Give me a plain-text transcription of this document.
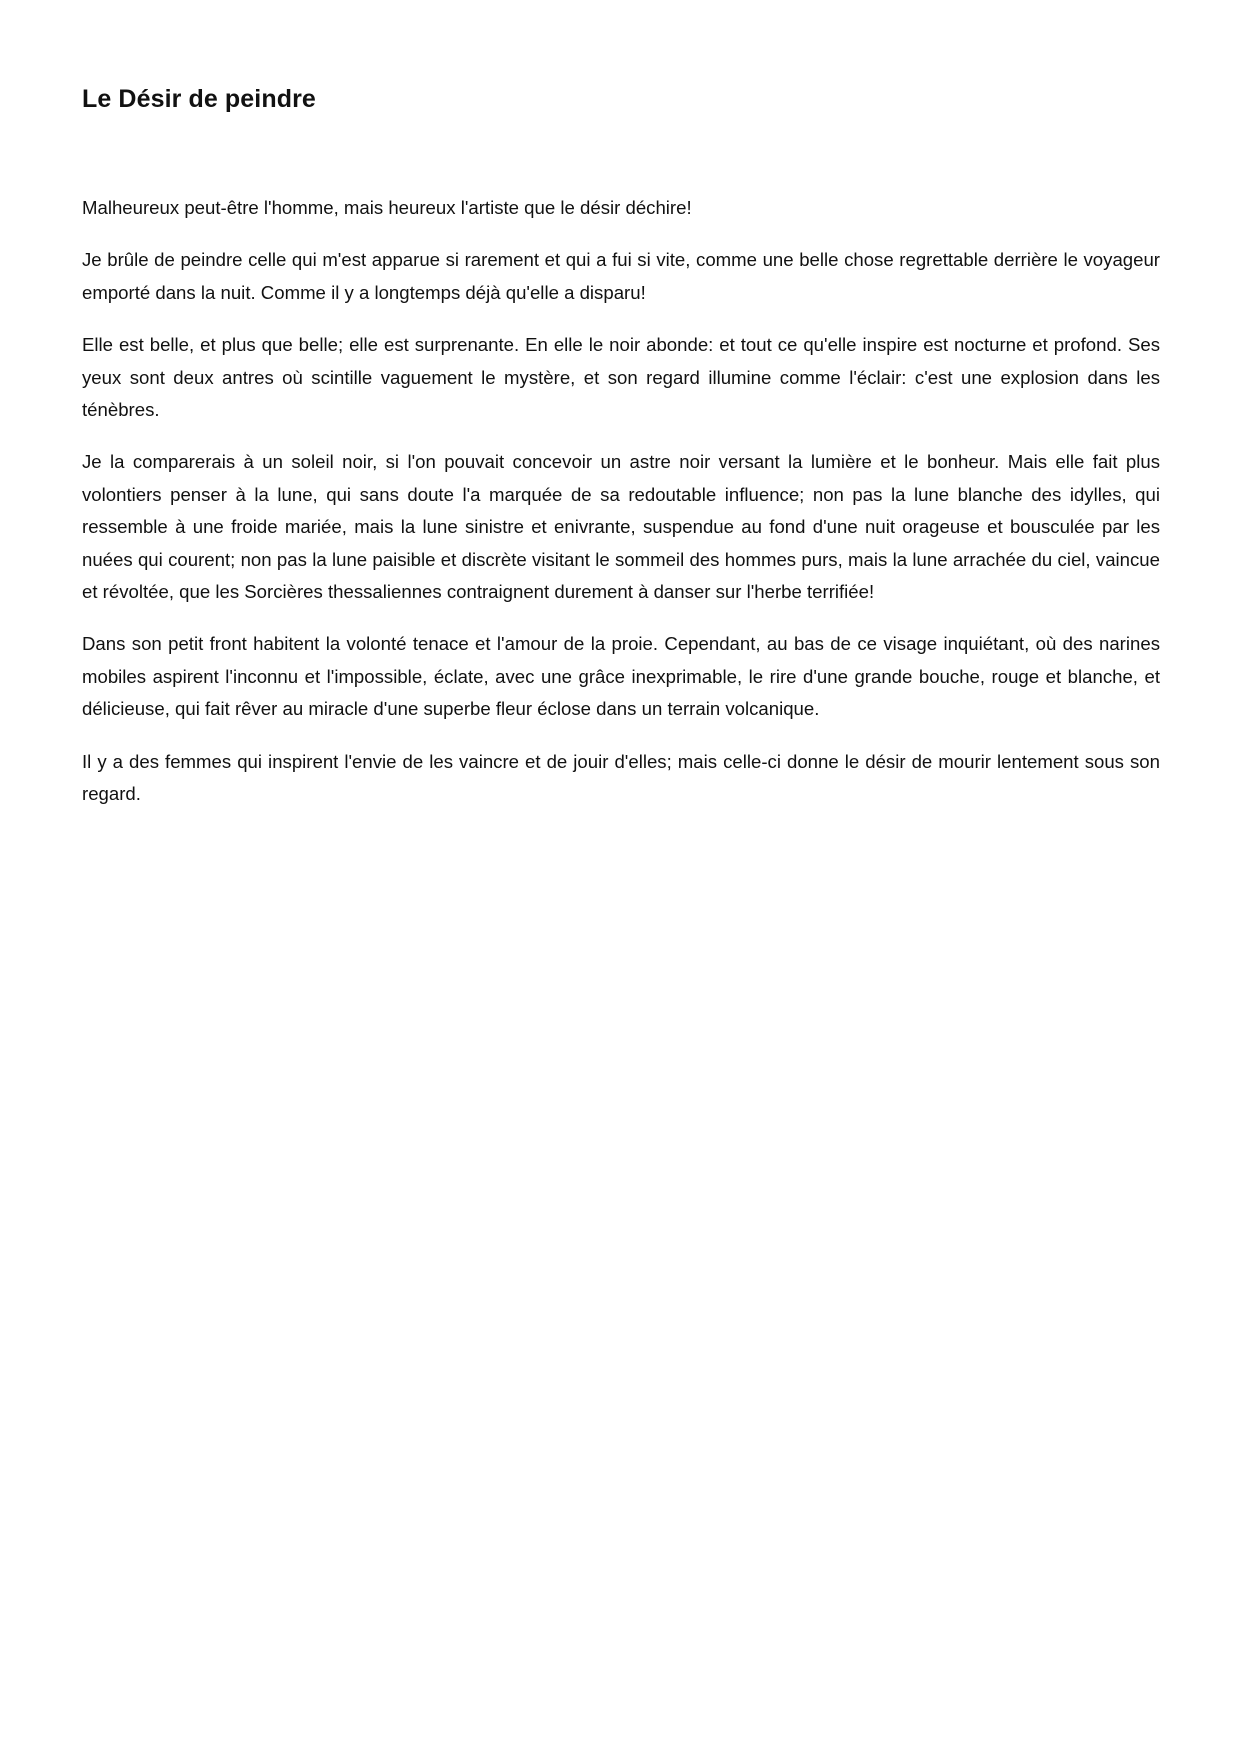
Le Désir de peindre

Malheureux peut-être l'homme, mais heureux l'artiste que le désir déchire!

Je brûle de peindre celle qui m'est apparue si rarement et qui a fui si vite, comme une belle chose regrettable derrière le voyageur emporté dans la nuit. Comme il y a longtemps déjà qu'elle a disparu!

Elle est belle, et plus que belle; elle est surprenante. En elle le noir abonde: et tout ce qu'elle inspire est nocturne et profond. Ses yeux sont deux antres où scintille vaguement le mystère, et son regard illumine comme l'éclair: c'est une explosion dans les ténèbres.

Je la comparerais à un soleil noir, si l'on pouvait concevoir un astre noir versant la lumière et le bonheur. Mais elle fait plus volontiers penser à la lune, qui sans doute l'a marquée de sa redoutable influence; non pas la lune blanche des idylles, qui ressemble à une froide mariée, mais la lune sinistre et enivrante, suspendue au fond d'une nuit orageuse et bousculée par les nuées qui courent; non pas la lune paisible et discrète visitant le sommeil des hommes purs, mais la lune arrachée du ciel, vaincue et révoltée, que les Sorcières thessaliennes contraignent durement à danser sur l'herbe terrifiée!

Dans son petit front habitent la volonté tenace et l'amour de la proie. Cependant, au bas de ce visage inquiétant, où des narines mobiles aspirent l'inconnu et l'impossible, éclate, avec une grâce inexprimable, le rire d'une grande bouche, rouge et blanche, et délicieuse, qui fait rêver au miracle d'une superbe fleur éclose dans un terrain volcanique.

Il y a des femmes qui inspirent l'envie de les vaincre et de jouir d'elles; mais celle-ci donne le désir de mourir lentement sous son regard.
